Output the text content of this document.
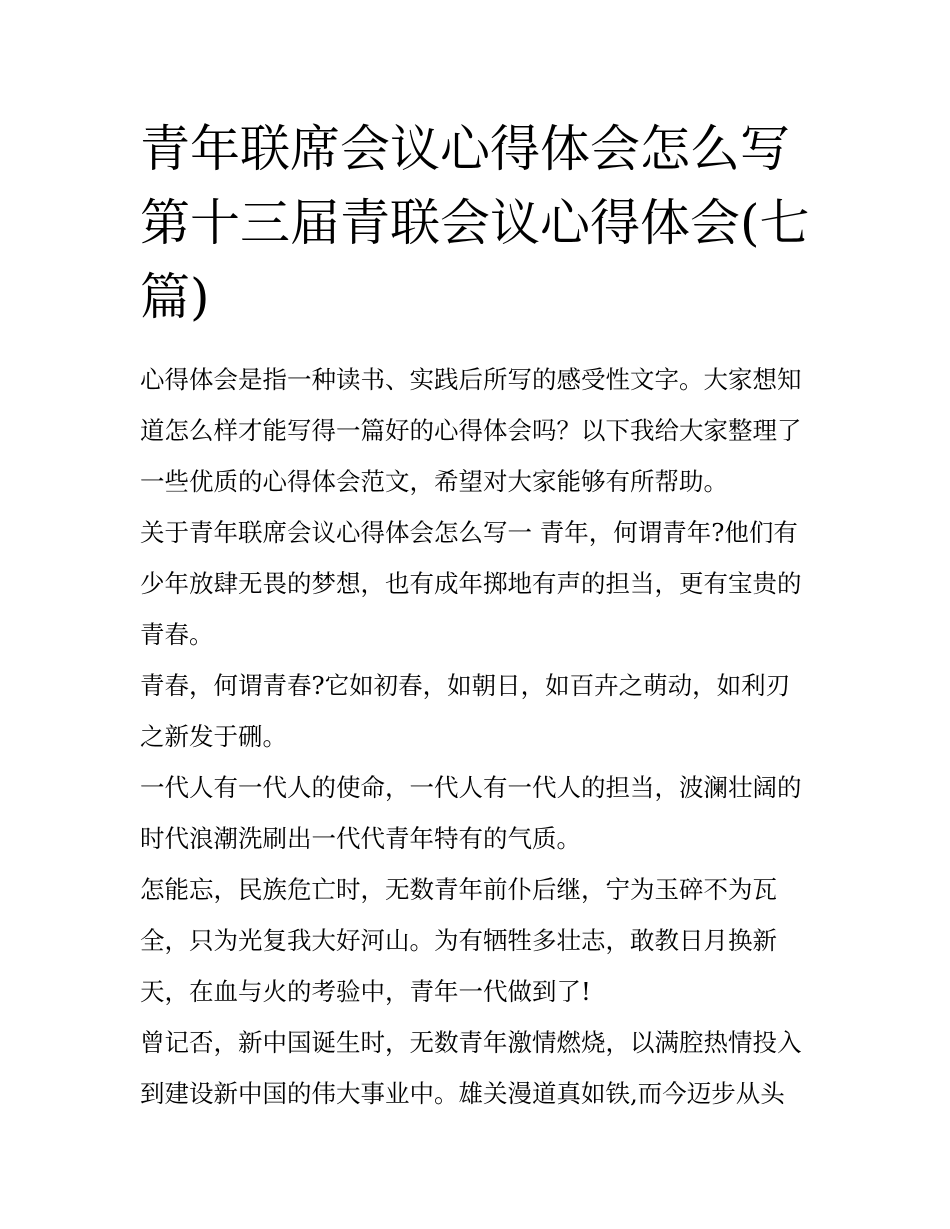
青年联席会议心得体会怎么写
第十三届青联会议心得体会(七
篇)

心得体会是指一种读书、实践后所写的感受性文字。大家想知
道怎么样才能写得一篇好的心得体会吗？以下我给大家整理了
一些优质的心得体会范文，希望对大家能够有所帮助。

关于青年联席会议心得体会怎么写一 青年，何谓青年?他们有
少年放肆无畏的梦想，也有成年掷地有声的担当，更有宝贵的
青春。

青春，何谓青春?它如初春，如朝日，如百卉之萌动，如利刃
之新发于硎。

一代人有一代人的使命，一代人有一代人的担当，波澜壮阔的
时代浪潮洗刷出一代代青年特有的气质。

怎能忘，民族危亡时，无数青年前仆后继，宁为玉碎不为瓦
全，只为光复我大好河山。为有牺牲多壮志，敢教日月换新
天，在血与火的考验中，青年一代做到了!

曾记否，新中国诞生时，无数青年激情燃烧，以满腔热情投入
到建设新中国的伟大事业中。雄关漫道真如铁,而今迈步从头
